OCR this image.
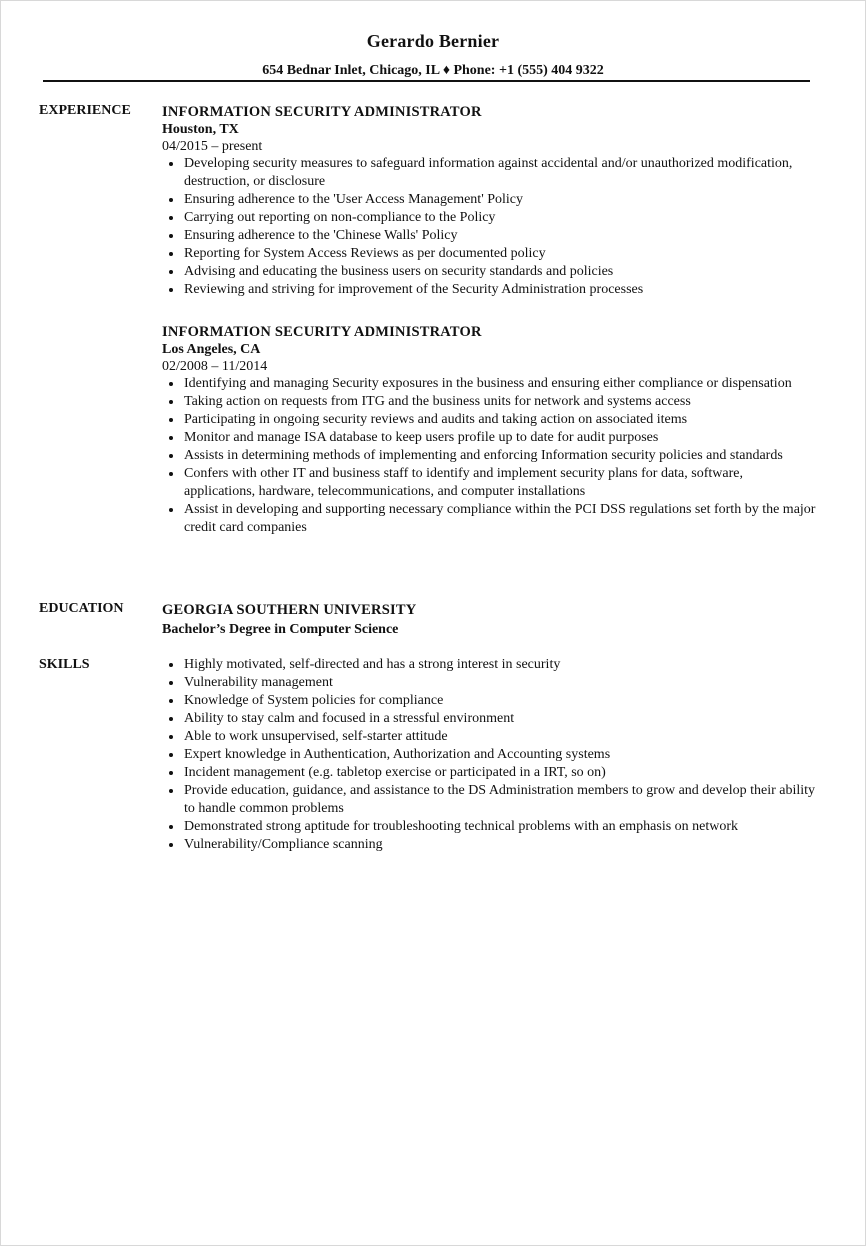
Gerardo Bernier
654 Bednar Inlet, Chicago, IL ♦ Phone: +1 (555) 404 9322
EXPERIENCE INFORMATION SECURITY ADMINISTRATOR
Houston, TX
04/2015 – present
Developing security measures to safeguard information against accidental and/or unauthorized modification, destruction, or disclosure
Ensuring adherence to the 'User Access Management' Policy
Carrying out reporting on non-compliance to the Policy
Ensuring adherence to the 'Chinese Walls' Policy
Reporting for System Access Reviews as per documented policy
Advising and educating the business users on security standards and policies
Reviewing and striving for improvement of the Security Administration processes
INFORMATION SECURITY ADMINISTRATOR
Los Angeles, CA
02/2008 – 11/2014
Identifying and managing Security exposures in the business and ensuring either compliance or dispensation
Taking action on requests from ITG and the business units for network and systems access
Participating in ongoing security reviews and audits and taking action on associated items
Monitor and manage ISA database to keep users profile up to date for audit purposes
Assists in determining methods of implementing and enforcing Information security policies and standards
Confers with other IT and business staff to identify and implement security plans for data, software, applications, hardware, telecommunications, and computer installations
Assist in developing and supporting necessary compliance within the PCI DSS regulations set forth by the major credit card companies
EDUCATION	GEORGIA SOUTHERN UNIVERSITY
Bachelor’s Degree in Computer Science
SKILLS	Highly motivated, self-directed and has a strong interest in security
Vulnerability management
Knowledge of System policies for compliance
Ability to stay calm and focused in a stressful environment
Able to work unsupervised, self-starter attitude
Expert knowledge in Authentication, Authorization and Accounting systems
Incident management (e.g. tabletop exercise or participated in a IRT, so on)
Provide education, guidance, and assistance to the DS Administration members to grow and develop their ability to handle common problems
Demonstrated strong aptitude for troubleshooting technical problems with an emphasis on network
Vulnerability/Compliance scanning
